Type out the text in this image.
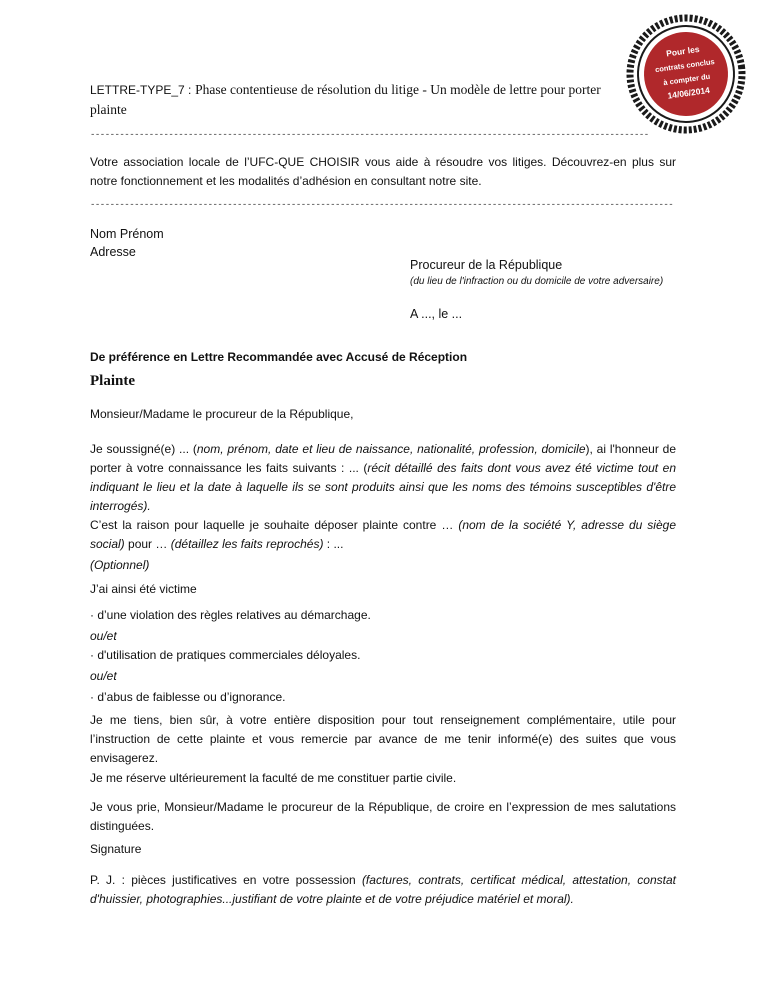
Pour les
contrats conclus
à compter du
14/06/2014
LETTRE-TYPE_7 : Phase contentieuse de résolution du litige - Un modèle de lettre pour porter plainte
------------------------------------------------------------------------------------------------------------------
Votre association locale de l’UFC-QUE CHOISIR vous aide à résoudre vos litiges. Découvrez-en plus sur notre fonctionnement et les modalités d’adhésion en consultant notre site.
-----------------------------------------------------------------------------------------------------------------------
Nom Prénom
Adresse
Procureur de la République
(du lieu de l'infraction ou du domicile de votre adversaire)
A ..., le ...
De préférence en Lettre Recommandée avec Accusé de Réception
Plainte
Monsieur/Madame le procureur de la République,
Je soussigné(e) ... (nom, prénom, date et lieu de naissance, nationalité, profession, domicile), ai l'honneur de porter à votre connaissance les faits suivants : ... (récit détaillé des faits dont vous avez été victime tout en indiquant le lieu et la date à laquelle ils se sont produits ainsi que les noms des témoins susceptibles d'être interrogés).
C’est la raison pour laquelle je souhaite déposer plainte contre … (nom de la société Y, adresse du siège social) pour … (détaillez les faits reprochés) : ...
(Optionnel)
J’ai ainsi été victime
· d’une violation des règles relatives au démarchage.
ou/et
· d'utilisation de pratiques commerciales déloyales.
ou/et
· d’abus de faiblesse ou d’ignorance.
Je me tiens, bien sûr, à votre entière disposition pour tout renseignement complémentaire, utile pour l’instruction de cette plainte et vous remercie par avance de me tenir informé(e) des suites que vous envisagerez.
Je me réserve ultérieurement la faculté de me constituer partie civile.
Je vous prie, Monsieur/Madame le procureur de la République, de croire en l’expression de mes salutations distinguées.
Signature
P. J. : pièces justificatives en votre possession (factures, contrats, certificat médical, attestation, constat d'huissier, photographies...justifiant de votre plainte et de votre préjudice matériel et moral).
